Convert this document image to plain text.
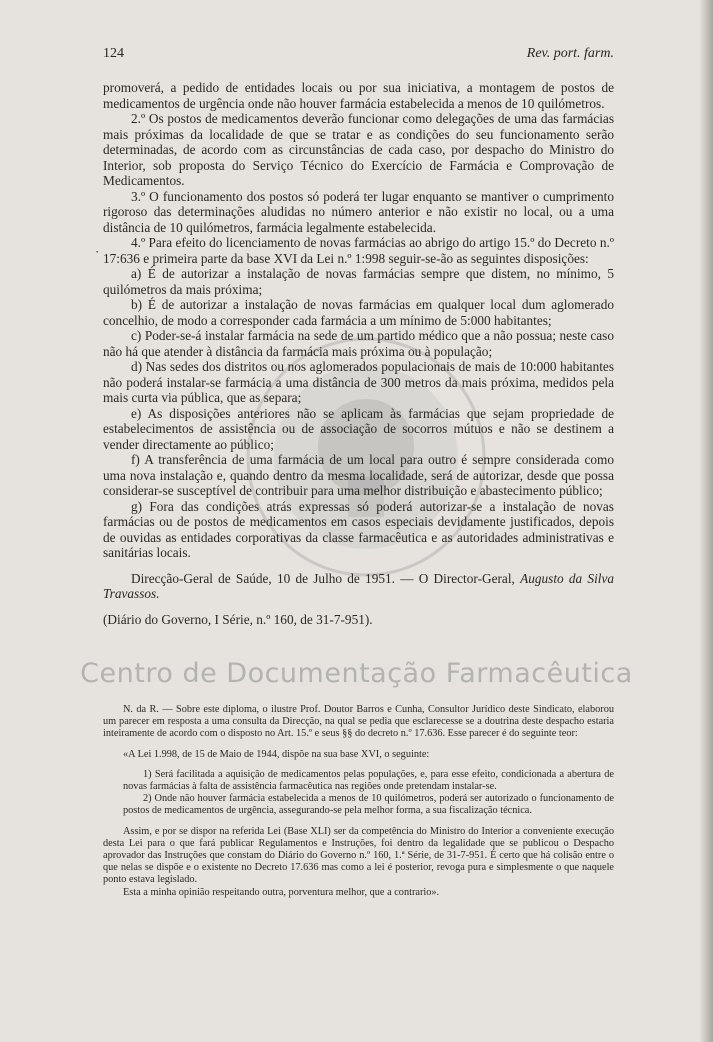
124	Rev. port. farm.
·

promoverá, a pedido de entidades locais ou por sua iniciativa, a montagem de postos de medicamentos de urgência onde não houver farmácia estabelecida a menos de 10 quilómetros.

2.º Os postos de medicamentos deverão funcionar como delegações de uma das farmácias mais próximas da localidade de que se tratar e as condições do seu funcionamento serão determinadas, de acordo com as circunstâncias de cada caso, por despacho do Ministro do Interior, sob proposta do Serviço Técnico do Exercício de Farmácia e Comprovação de Medicamentos.

3.º O funcionamento dos postos só poderá ter lugar enquanto se mantiver o cumprimento rigoroso das determinações aludidas no número anterior e não existir no local, ou a uma distância de 10 quilómetros, farmácia legalmente estabelecida.

4.º Para efeito do licenciamento de novas farmácias ao abrigo do artigo 15.º do Decreto n.º 17:636 e primeira parte da base XVI da Lei n.º 1:998 seguir-se-ão as seguintes disposições:

a) É de autorizar a instalação de novas farmácias sempre que distem, no mínimo, 5 quilómetros da mais próxima;

b) É de autorizar a instalação de novas farmácias em qualquer local dum aglomerado concelhio, de modo a corresponder cada farmácia a um mínimo de 5:000 habitantes;

c) Poder-se-á instalar farmácia na sede de um partido médico que a não possua; neste caso não há que atender à distância da farmácia mais próxima ou à população;

d) Nas sedes dos distritos ou nos aglomerados populacionais de mais de 10:000 habitantes não poderá instalar-se farmácia a uma distância de 300 metros da mais próxima, medidos pela mais curta via pública, que as separa;

e) As disposições anteriores não se aplicam às farmácias que sejam propriedade de estabelecimentos de assistência ou de associação de socorros mútuos e não se destinem a vender directamente ao público;

f) A transferência de uma farmácia de um local para outro é sempre considerada como uma nova instalação e, quando dentro da mesma localidade, será de autorizar, desde que possa considerar-se susceptível de contribuir para uma melhor distribuição e abastecimento público;

g) Fora das condições atrás expressas só poderá autorizar-se a instalação de novas farmácias ou de postos de medicamentos em casos especiais devidamente justificados, depois de ouvidas as entidades corporativas da classe farmacêutica e as autoridades administrativas e sanitárias locais.

Direcção-Geral de Saúde, 10 de Julho de 1951. — O Director-Geral, Augusto da Silva Travassos.

(Diário do Governo, I Série, n.º 160, de 31-7-951).

Centro de Documentação Farmacêutica

N. da R. — Sobre este diploma, o ilustre Prof. Doutor Barros e Cunha, Consultor Jurídico deste Sindicato, elaborou um parecer em resposta a uma consulta da Direcção, na qual se pedia que esclarecesse se a doutrina deste despacho estaria inteiramente de acordo com o disposto no Art. 15.º e seus §§ do decreto n.º 17.636. Esse parecer é do seguinte teor:

«A Lei 1.998, de 15 de Maio de 1944, dispõe na sua base XVI, o seguinte:

1) Será facilitada a aquisição de medicamentos pelas populações, e, para esse efeito, condicionada a abertura de novas farmácias à falta de assistência farmacêutica nas regiões onde pretendam instalar-se.

2) Onde não houver farmácia estabelecida a menos de 10 quilómetros, poderá ser autorizado o funcionamento de postos de medicamentos de urgência, assegurando-se pela melhor forma, a sua fiscalização técnica.

Assim, e por se dispor na referida Lei (Base XLI) ser da competência do Ministro do Interior a conveniente execução desta Lei para o que fará publicar Regulamentos e Instruções, foi dentro da legalidade que se publicou o Despacho aprovador das Instruções que constam do Diário do Governo n.º 160, 1.ª Série, de 31-7-951. É certo que há colisão entre o que nelas se dispõe e o existente no Decreto 17.636 mas como a lei é posterior, revoga pura e simplesmente o que naquele ponto estava legislado.

Esta a minha opinião respeitando outra, porventura melhor, que a contrario».
